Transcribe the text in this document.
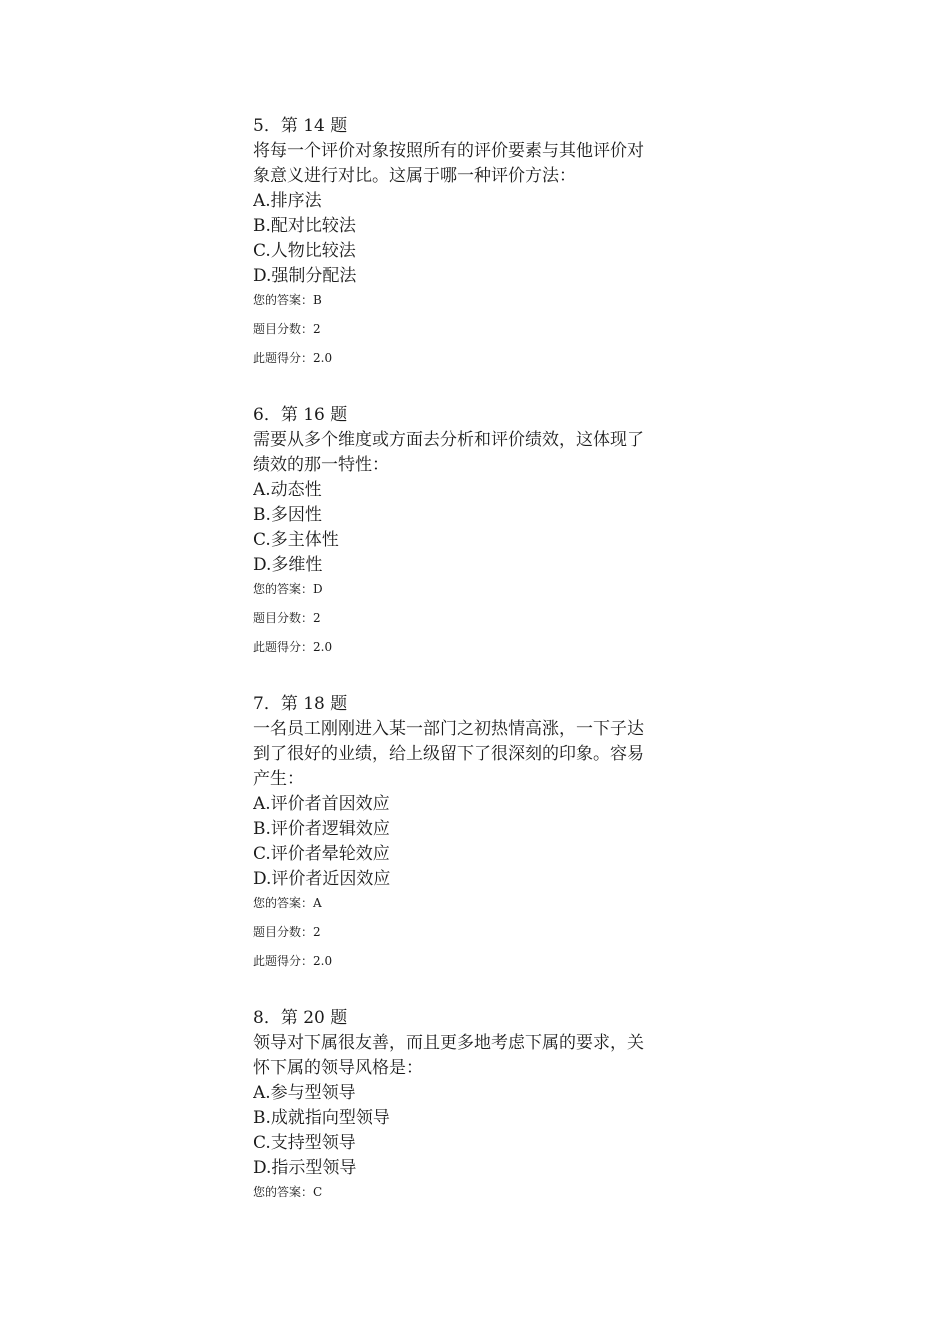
5．第 14 题
将每一个评价对象按照所有的评价要素与其他评价对
象意义进行对比。这属于哪一种评价方法：
A.排序法
B.配对比较法
C.人物比较法
D.强制分配法
您的答案：B
题目分数：2
此题得分：2.0
6．第 16 题
需要从多个维度或方面去分析和评价绩效，这体现了
绩效的那一特性：
A.动态性
B.多因性
C.多主体性
D.多维性
您的答案：D
题目分数：2
此题得分：2.0
7．第 18 题
一名员工刚刚进入某一部门之初热情高涨，一下子达
到了很好的业绩，给上级留下了很深刻的印象。容易
产生：
A.评价者首因效应
B.评价者逻辑效应
C.评价者晕轮效应
D.评价者近因效应
您的答案：A
题目分数：2
此题得分：2.0
8．第 20 题
领导对下属很友善，而且更多地考虑下属的要求，关
怀下属的领导风格是：
A.参与型领导
B.成就指向型领导
C.支持型领导
D.指示型领导
您的答案：C
